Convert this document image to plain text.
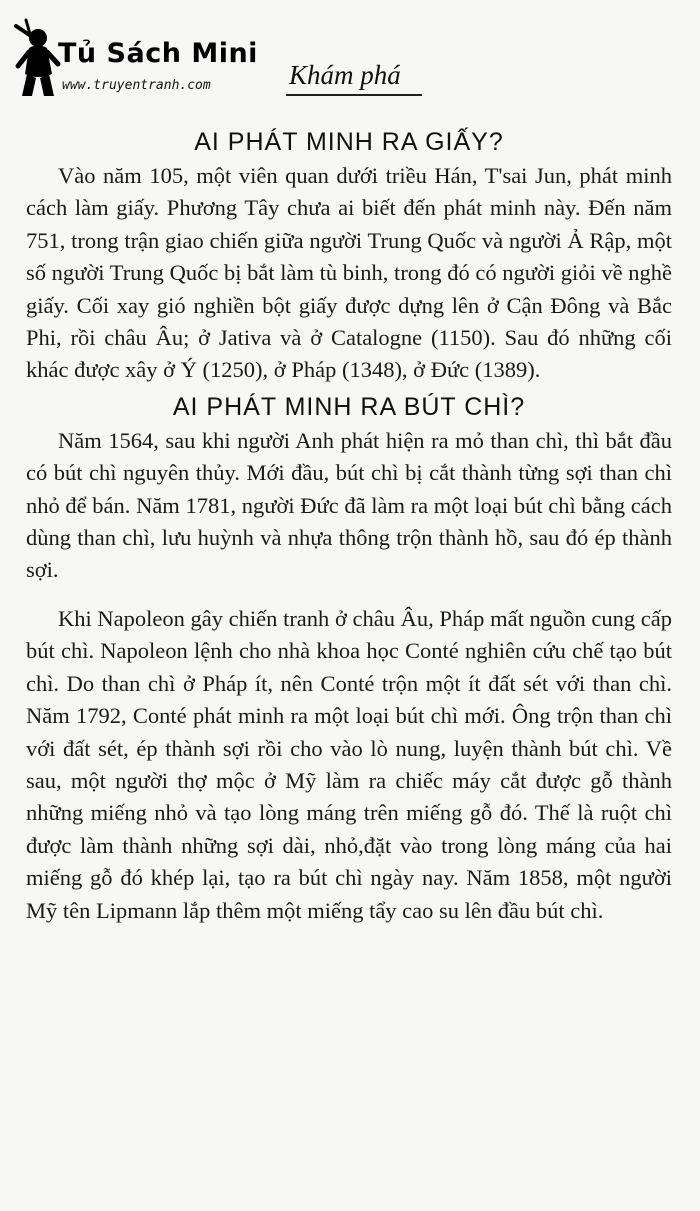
Tủ Sách Mini
www.truyentranh.com	Khám phá
AI PHÁT MINH RA GIẤY?

Vào năm 105, một viên quan dưới triều Hán, T'sai Jun, phát minh cách làm giấy. Phương Tây chưa ai biết đến phát minh này. Đến năm 751, trong trận giao chiến giữa người Trung Quốc và người Ả Rập, một số người Trung Quốc bị bắt làm tù binh, trong đó có người giỏi về nghề giấy. Cối xay gió nghiền bột giấy được dựng lên ở Cận Đông và Bắc Phi, rồi châu Âu; ở Jativa và ở Catalogne (1150). Sau đó những cối khác được xây ở Ý (1250), ở Pháp (1348), ở Đức (1389).

AI PHÁT MINH RA BÚT CHÌ?

Năm 1564, sau khi người Anh phát hiện ra mỏ than chì, thì bắt đầu có bút chì nguyên thủy. Mới đầu, bút chì bị cắt thành từng sợi than chì nhỏ để bán. Năm 1781, người Đức đã làm ra một loại bút chì bằng cách dùng than chì, lưu huỳnh và nhựa thông trộn thành hồ, sau đó ép thành sợi.

Khi Napoleon gây chiến tranh ở châu Âu, Pháp mất nguồn cung cấp bút chì. Napoleon lệnh cho nhà khoa học Conté nghiên cứu chế tạo bút chì. Do than chì ở Pháp ít, nên Conté trộn một ít đất sét với than chì. Năm 1792, Conté phát minh ra một loại bút chì mới. Ông trộn than chì với đất sét, ép thành sợi rồi cho vào lò nung, luyện thành bút chì. Về sau, một người thợ mộc ở Mỹ làm ra chiếc máy cắt được gỗ thành những miếng nhỏ và tạo lòng máng trên miếng gỗ đó. Thế là ruột chì được làm thành những sợi dài, nhỏ,đặt vào trong lòng máng của hai miếng gỗ đó khép lại, tạo ra bút chì ngày nay. Năm 1858, một người Mỹ tên Lipmann lắp thêm một miếng tẩy cao su lên đầu bút chì.
